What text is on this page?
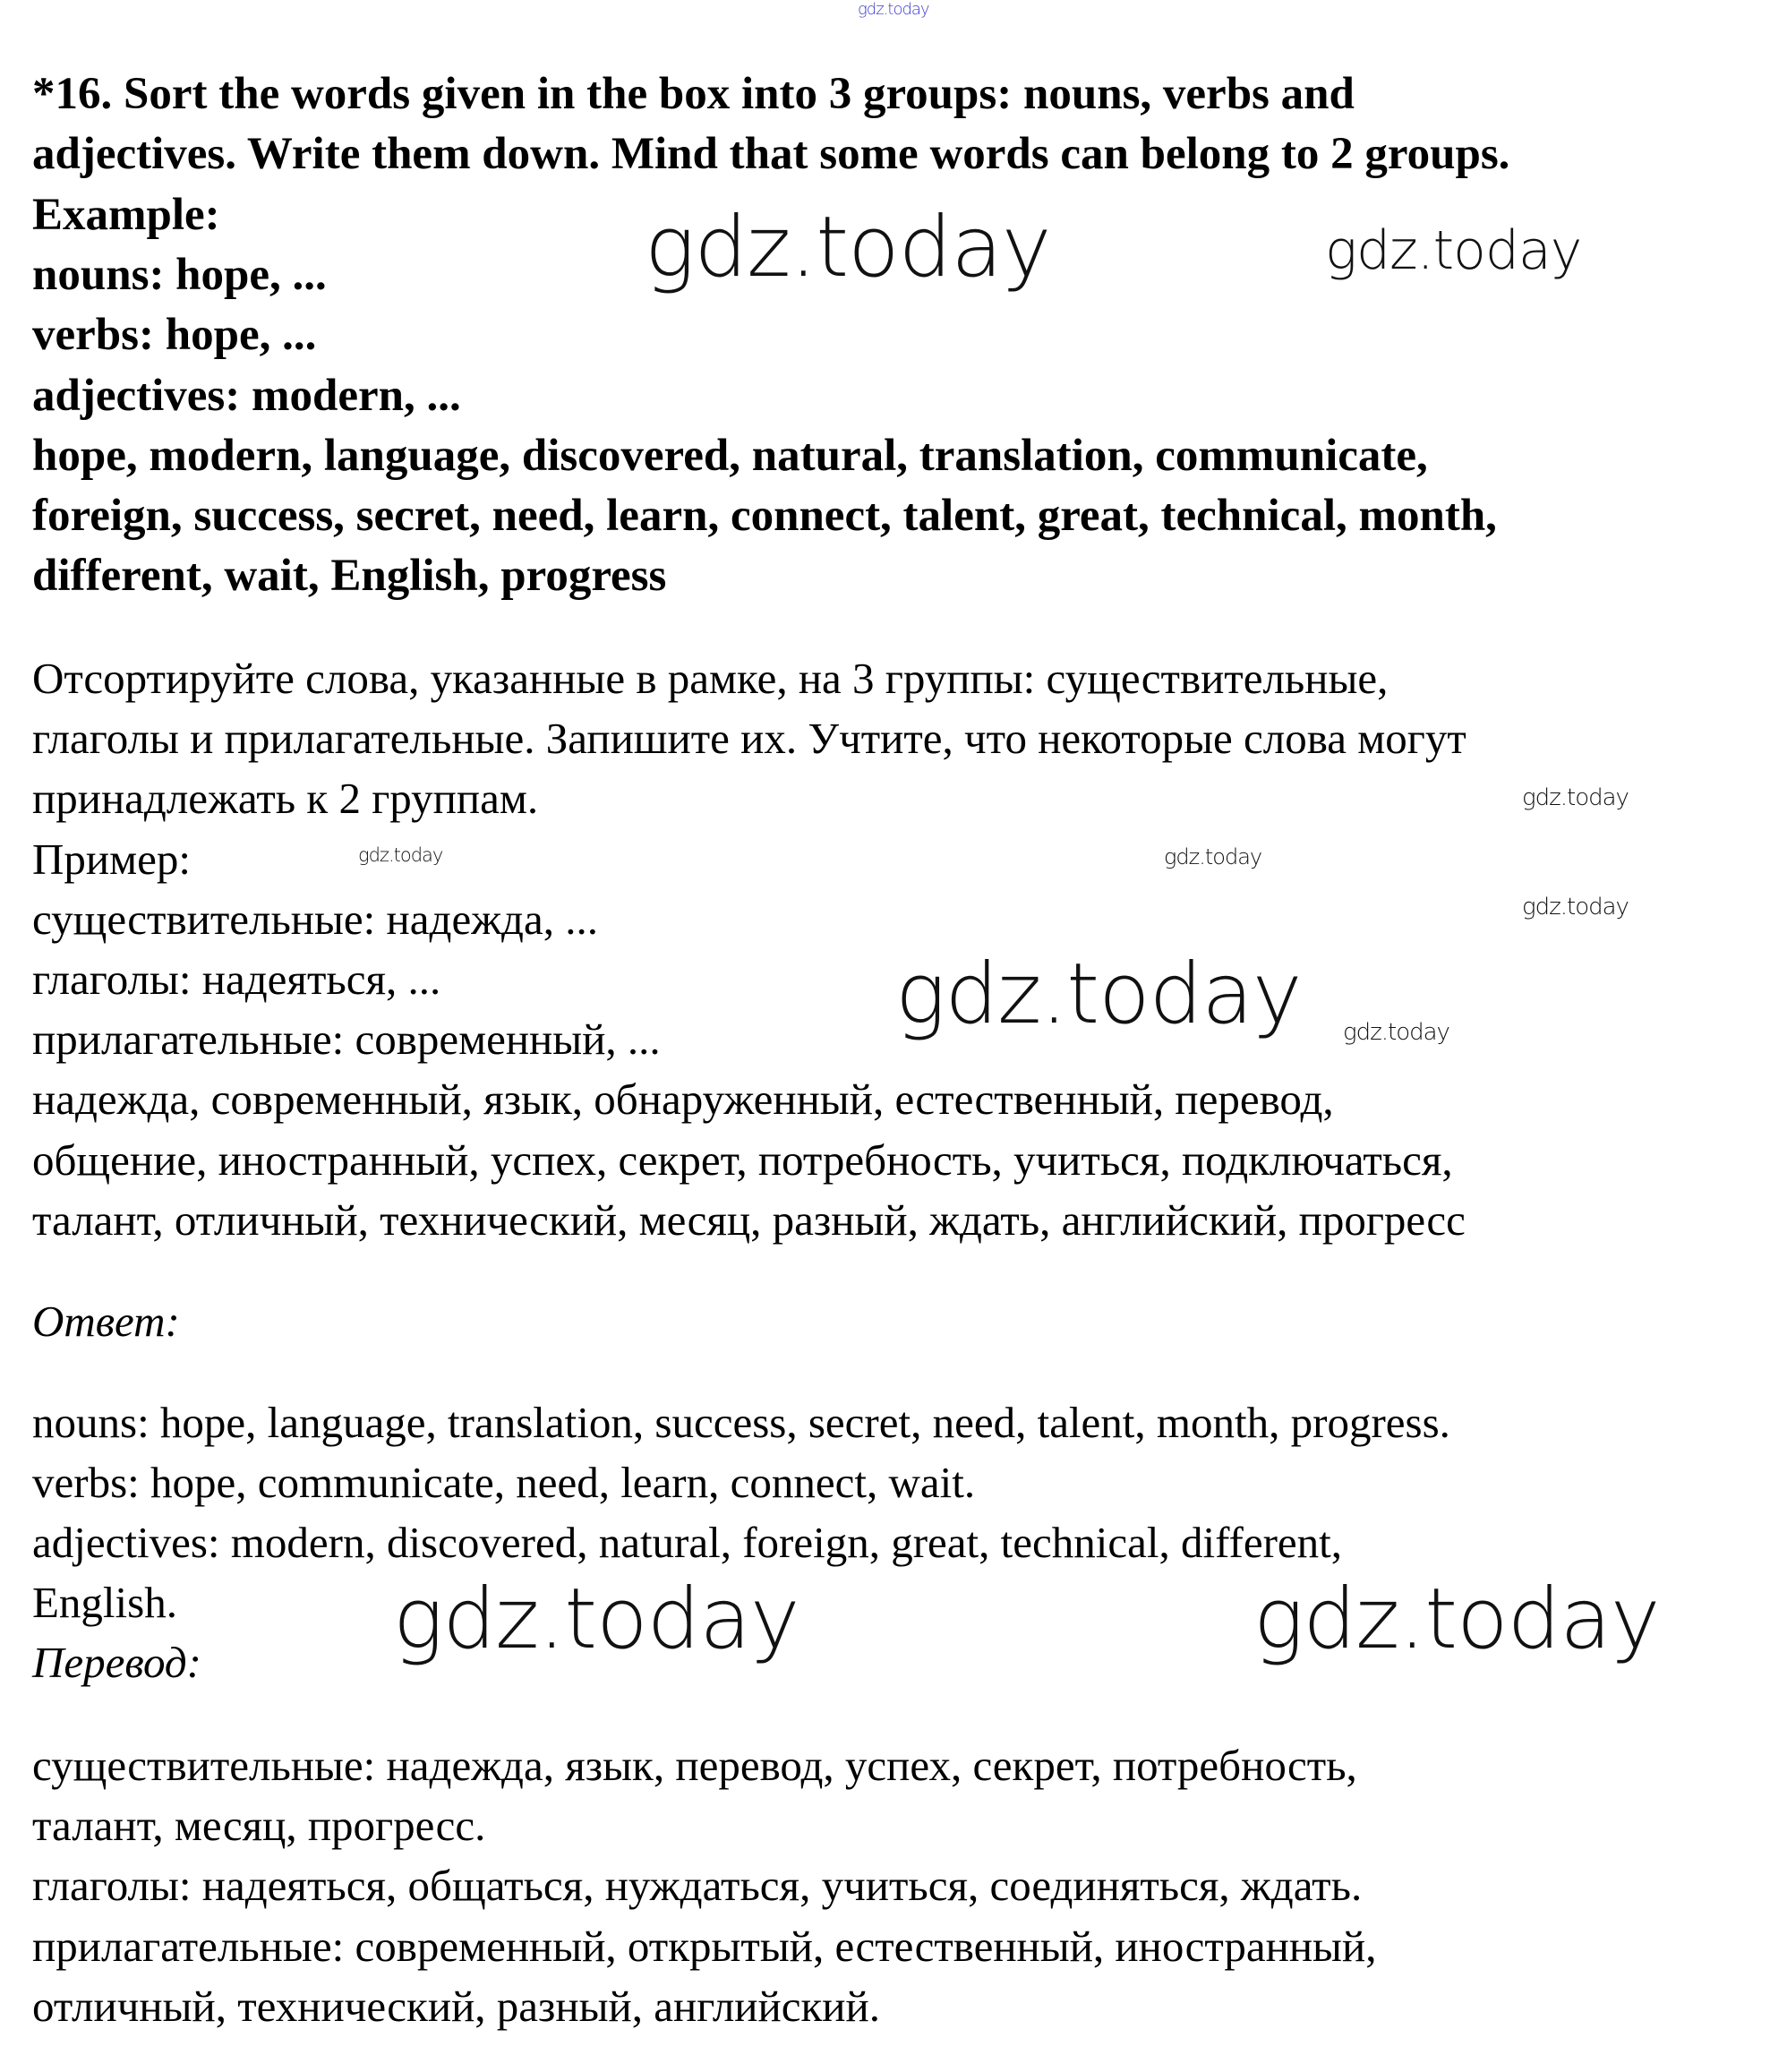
*16. Sort the words given in the box into 3 groups: nouns, verbs and
adjectives. Write them down. Mind that some words can belong to 2 groups.
Example:
nouns: hope, ...
verbs: hope, ...
adjectives: modern, ...
hope, modern, language, discovered, natural, translation, communicate,
foreign, success, secret, need, learn, connect, talent, great, technical, month,
different, wait, English, progress
Отсортируйте слова, указанные в рамке, на 3 группы: существительные,
глаголы и прилагательные. Запишите их. Учтите, что некоторые слова могут
принадлежать к 2 группам.
Пример:
существительные: надежда, ...
глаголы: надеяться, ...
прилагательные: современный, ...
надежда, современный, язык, обнаруженный, естественный, перевод,
общение, иностранный, успех, секрет, потребность, учиться, подключаться,
талант, отличный, технический, месяц, разный, ждать, английский, прогресс
Ответ:
nouns: hope, language, translation, success, secret, need, talent, month, progress.
verbs: hope, communicate, need, learn, connect, wait.
adjectives: modern, discovered, natural, foreign, great, technical, different,
English.
Перевод:
существительные: надежда, язык, перевод, успех, секрет, потребность,
талант, месяц, прогресс.
глаголы: надеяться, общаться, нуждаться, учиться, соединяться, ждать.
прилагательные: современный, открытый, естественный, иностранный,
отличный, технический, разный, английский.
gdz.today
gdz.today	gdz.today
gdz.today
gdz.today
gdz.today
gdz.today
gdz.today
gdz.today
gdz.today	gdz.today
